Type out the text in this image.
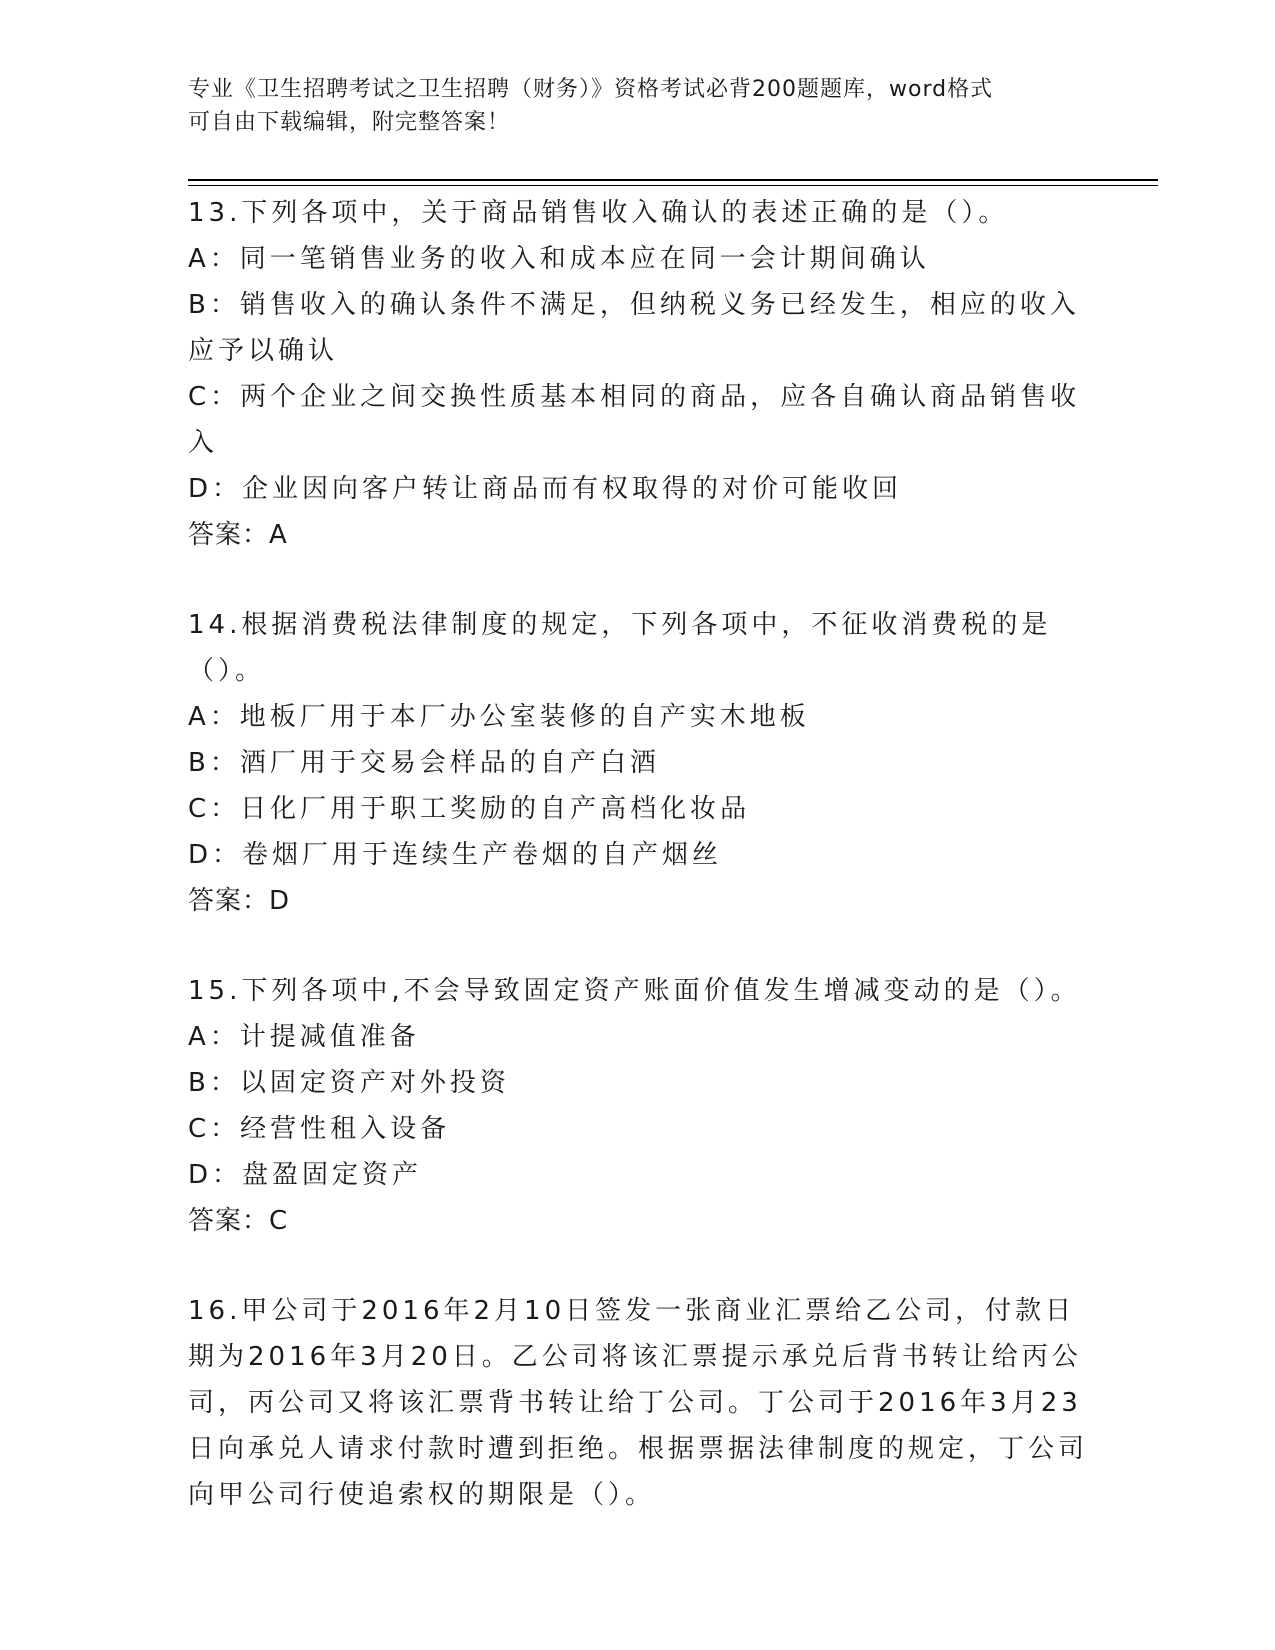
专业《卫生招聘考试之卫生招聘（财务）》资格考试必背200题题库，word格式
可自由下载编辑，附完整答案！
13.下列各项中，关于商品销售收入确认的表述正确的是（）。
A：同一笔销售业务的收入和成本应在同一会计期间确认
B：销售收入的确认条件不满足，但纳税义务已经发生，相应的收入应予以确认
C：两个企业之间交换性质基本相同的商品，应各自确认商品销售收入
D：企业因向客户转让商品而有权取得的对价可能收回
答案：A
14.根据消费税法律制度的规定，下列各项中，不征收消费税的是（）。
A：地板厂用于本厂办公室装修的自产实木地板
B：酒厂用于交易会样品的自产白酒
C：日化厂用于职工奖励的自产高档化妆品
D：卷烟厂用于连续生产卷烟的自产烟丝
答案：D
15.下列各项中,不会导致固定资产账面价值发生增减变动的是（）。
A：计提减值准备
B：以固定资产对外投资
C：经营性租入设备
D：盘盈固定资产
答案：C
16.甲公司于2016年2月10日签发一张商业汇票给乙公司，付款日期为2016年3月20日。乙公司将该汇票提示承兑后背书转让给丙公司，丙公司又将该汇票背书转让给丁公司。丁公司于2016年3月23日向承兑人请求付款时遭到拒绝。根据票据法律制度的规定，丁公司向甲公司行使追索权的期限是（）。
